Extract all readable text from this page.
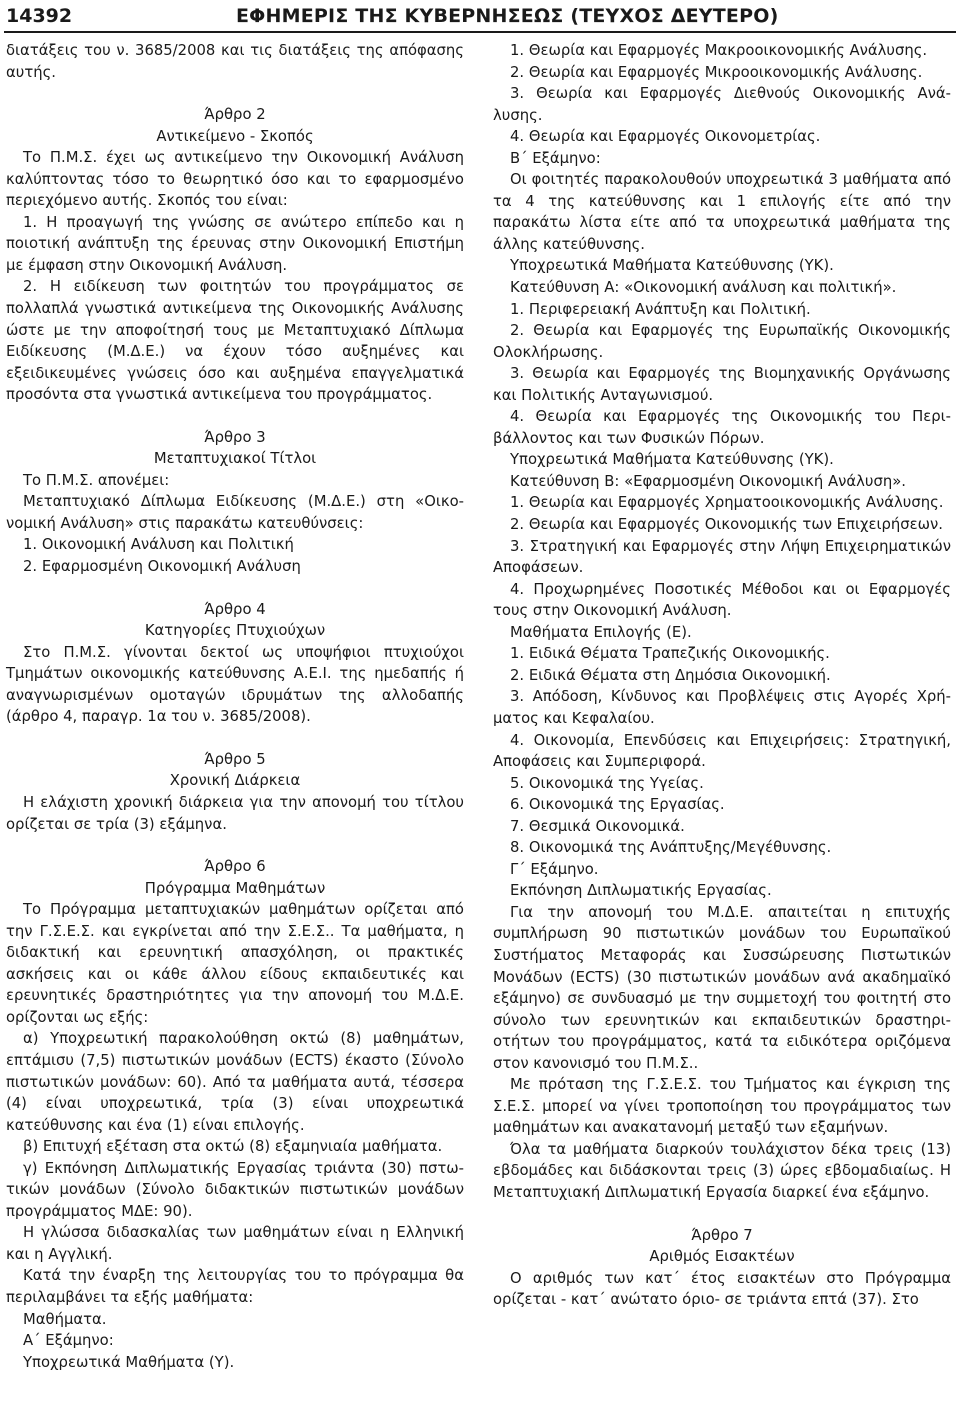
14392	ΕΦΗΜΕΡΙΣ ΤΗΣ ΚΥΒΕΡΝΗΣΕΩΣ (ΤΕΥΧΟΣ ΔΕΥΤΕΡΟ)

διατάξεις του ν. 3685/2008 και τις διατάξεις της απόφασης αυτής.

Άρθρο 2

Αντικείμενο - Σκοπός

Το Π.Μ.Σ. έχει ως αντικείμενο την Οικονομική Ανάλυση καλύπτοντας τόσο το θεωρητικό όσο και το εφαρμοσμένο περιεχόμενο αυτής. Σκοπός του είναι:

1. Η προαγωγή της γνώσης σε ανώτερο επίπεδο και η ποιοτική ανάπτυξη της έρευνας στην Οικονομική Επιστήμη με έμφαση στην Οικονομική Ανάλυση.

2. Η ειδίκευση των φοιτητών του προγράμματος σε πολλαπλά γνωστικά αντικείμενα της Οικονομικής Ανάλυσης ώστε με την αποφοίτησή τους με Μεταπτυχιακό Δίπλωμα Ειδίκευσης (Μ.Δ.Ε.) να έχουν τόσο αυξημένες και εξειδικευμένες γνώσεις όσο και αυξημένα επαγγελματικά προσόντα στα γνωστικά αντικείμενα του προγράμματος.

Άρθρο 3

Μεταπτυχιακοί Τίτλοι

Το Π.Μ.Σ. απονέμει:

Μεταπτυχιακό Δίπλωμα Ειδίκευσης (Μ.Δ.Ε.) στη «Οικονομική Ανάλυση» στις παρακάτω κατευθύνσεις:

1. Οικονομική Ανάλυση και Πολιτική

2. Εφαρμοσμένη Οικονομική Ανάλυση

Άρθρο 4

Κατηγορίες Πτυχιούχων

Στο Π.Μ.Σ. γίνονται δεκτοί ως υποψήφιοι πτυχιούχοι Τμημάτων οικονομικής κατεύθυνσης Α.Ε.Ι. της ημεδαπής ή αναγνωρισμένων ομοταγών ιδρυμάτων της αλλοδαπής (άρθρο 4, παραγρ. 1α του ν. 3685/2008).

Άρθρο 5

Χρονική Διάρκεια

Η ελάχιστη χρονική διάρκεια για την απονομή του τίτλου ορίζεται σε τρία (3) εξάμηνα.

Άρθρο 6

Πρόγραμμα Μαθημάτων

Το Πρόγραμμα μεταπτυχιακών μαθημάτων ορίζεται από την Γ.Σ.Ε.Σ. και εγκρίνεται από την Σ.Ε.Σ.. Τα μαθήματα, η διδακτική και ερευνητική απασχόληση, οι πρακτικές ασκήσεις και οι κάθε άλλου είδους εκπαιδευτικές και ερευνητικές δραστηριότητες για την απονομή του Μ.Δ.Ε. ορίζονται ως εξής:

α) Υποχρεωτική παρακολούθηση οκτώ (8) μαθημάτων, επτάμισυ (7,5) πιστωτικών μονάδων (ECTS) έκαστο (Σύνολο πιστωτικών μονάδων: 60). Από τα μαθήματα αυτά, τέσσερα (4) είναι υποχρεωτικά, τρία (3) είναι υποχρεωτικά κατεύθυνσης και ένα (1) είναι επιλογής.

β) Επιτυχή εξέταση στα οκτώ (8) εξαμηνιαία μαθήματα.

γ) Εκπόνηση Διπλωματικής Εργασίας τριάντα (30) πστωτικών μονάδων (Σύνολο διδακτικών πιστωτικών μονάδων προγράμματος ΜΔΕ: 90).

Η γλώσσα διδασκαλίας των μαθημάτων είναι η Ελληνική και η Αγγλική.

Κατά την έναρξη της λειτουργίας του το πρόγραμμα θα περιλαμβάνει τα εξής μαθήματα:

Μαθήματα.

Α΄ Εξάμηνο:

Υποχρεωτικά Μαθήματα (Υ).

1. Θεωρία και Εφαρμογές Μακροοικονομικής Ανάλυσης.

2. Θεωρία και Εφαρμογές Μικροοικονομικής Ανάλυσης.

3. Θεωρία και Εφαρμογές Διεθνούς Οικονομικής Ανάλυσης.

4. Θεωρία και Εφαρμογές Οικονομετρίας.

Β΄ Εξάμηνο:

Οι φοιτητές παρακολουθούν υποχρεωτικά 3 μαθήματα από τα 4 της κατεύθυνσης και 1 επιλογής είτε από την παρακάτω λίστα είτε από τα υποχρεωτικά μαθήματα της άλλης κατεύθυνσης.

Υποχρεωτικά Μαθήματα Κατεύθυνσης (ΥΚ).

Κατεύθυνση Α: «Οικονομική ανάλυση και πολιτική».

1. Περιφερειακή Ανάπτυξη και Πολιτική.

2. Θεωρία και Εφαρμογές της Ευρωπαϊκής Οικονομικής Ολοκλήρωσης.

3. Θεωρία και Εφαρμογές της Βιομηχανικής Οργάνωσης και Πολιτικής Ανταγωνισμού.

4. Θεωρία και Εφαρμογές της Οικονομικής του Περιβάλλοντος και των Φυσικών Πόρων.

Υποχρεωτικά Μαθήματα Κατεύθυνσης (ΥΚ).

Κατεύθυνση Β: «Εφαρμοσμένη Οικονομική Ανάλυση».

1. Θεωρία και Εφαρμογές Χρηματοοικονομικής Ανάλυσης.

2. Θεωρία και Εφαρμογές Οικονομικής των Επιχειρήσεων.

3. Στρατηγική και Εφαρμογές στην Λήψη Επιχειρηματικών Αποφάσεων.

4. Προχωρημένες Ποσοτικές Μέθοδοι και οι Εφαρμογές τους στην Οικονομική Ανάλυση.

Μαθήματα Επιλογής (Ε).

1. Ειδικά Θέματα Τραπεζικής Οικονομικής.

2. Ειδικά Θέματα στη Δημόσια Οικονομική.

3. Απόδοση, Κίνδυνος και Προβλέψεις στις Αγορές Χρήματος και Κεφαλαίου.

4. Οικονομία, Επενδύσεις και Επιχειρήσεις: Στρατηγική, Αποφάσεις και Συμπεριφορά.

5. Οικονομικά της Υγείας.

6. Οικονομικά της Εργασίας.

7. Θεσμικά Οικονομικά.

8. Οικονομικά της Ανάπτυξης/Μεγέθυνσης.

Γ΄ Εξάμηνο.

Εκπόνηση Διπλωματικής Εργασίας.

Για την απονομή του Μ.Δ.Ε. απαιτείται η επιτυχής συμπλήρωση 90 πιστωτικών μονάδων του Ευρωπαϊκού Συστήματος Μεταφοράς και Συσσώρευσης Πιστωτικών Μονάδων (ECTS) (30 πιστωτικών μονάδων ανά ακαδημαϊκό εξάμηνο) σε συνδυασμό με την συμμετοχή του φοιτητή στο σύνολο των ερευνητικών και εκπαιδευτικών δραστηριοτήτων του προγράμματος, κατά τα ειδικότερα οριζόμενα στον κανονισμό του Π.Μ.Σ..

Με πρόταση της Γ.Σ.Ε.Σ. του Τμήματος και έγκριση της Σ.Ε.Σ. μπορεί να γίνει τροποποίηση του προγράμματος των μαθημάτων και ανακατανομή μεταξύ των εξαμήνων.

Όλα τα μαθήματα διαρκούν τουλάχιστον δέκα τρεις (13) εβδομάδες και διδάσκονται τρεις (3) ώρες εβδομαδιαίως. Η Μεταπτυχιακή Διπλωματική Εργασία διαρκεί ένα εξάμηνο.

Άρθρο 7

Αριθμός Εισακτέων

Ο αριθμός των κατ΄ έτος εισακτέων στο Πρόγραμμα ορίζεται - κατ΄ ανώτατο όριο- σε τριάντα επτά (37). Στο
